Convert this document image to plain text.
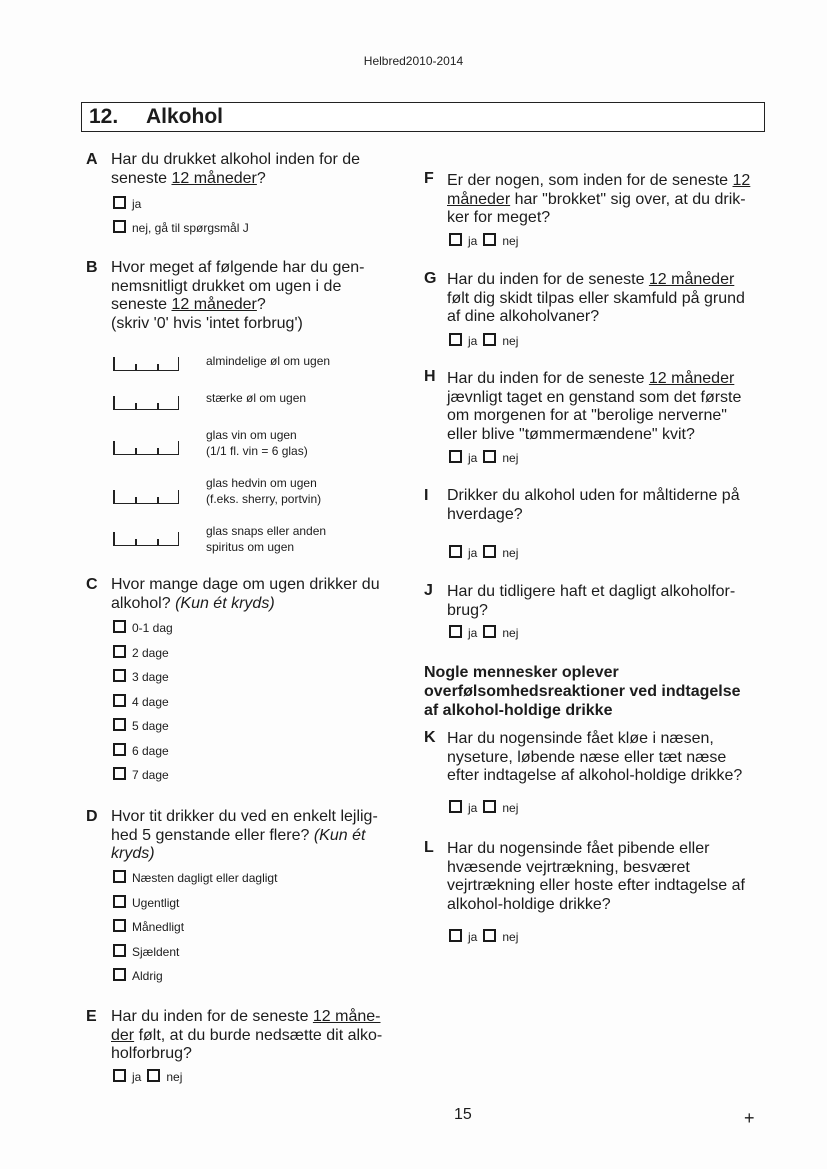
Helbred2010-2014
12. Alkohol
A Har du drukket alkohol inden for de
seneste 12 måneder?
ja
nej, gå til spørgsmål J
B Hvor meget af følgende har du gen-
nemsnitligt drukket om ugen i de
seneste 12 måneder?
(skriv '0' hvis 'intet forbrug')
almindelige øl om ugen
stærke øl om ugen
glas vin om ugen
(1/1 fl. vin = 6 glas)
glas hedvin om ugen
(f.eks. sherry, portvin)
glas snaps eller anden
spiritus om ugen
C Hvor mange dage om ugen drikker du
alkohol? (Kun ét kryds)
0-1 dag
2 dage
3 dage
4 dage
5 dage
6 dage
7 dage
D Hvor tit drikker du ved en enkelt lejlig-
hed 5 genstande eller flere? (Kun ét
kryds)
Næsten dagligt eller dagligt
Ugentligt
Månedligt
Sjældent
Aldrig
E Har du inden for de seneste 12 måne-
der følt, at du burde nedsætte dit alko-
holforbrug?
ja nej
F Er der nogen, som inden for de seneste 12
måneder har "brokket" sig over, at du drik-
ker for meget?
ja nej
G Har du inden for de seneste 12 måneder
følt dig skidt tilpas eller skamfuld på grund
af dine alkoholvaner?
ja nej
H Har du inden for de seneste 12 måneder
jævnligt taget en genstand som det første
om morgenen for at "berolige nerverne"
eller blive "tømmermændene" kvit?
ja nej
I Drikker du alkohol uden for måltiderne på
hverdage?
ja nej
J Har du tidligere haft et dagligt alkoholfor-
brug?
ja nej
Nogle mennesker oplever
overfølsomhedsreaktioner ved indtagelse
af alkohol-holdige drikke
K Har du nogensinde fået kløe i næsen,
nyseture, løbende næse eller tæt næse
efter indtagelse af alkohol-holdige drikke?
ja nej
L Har du nogensinde fået pibende eller
hvæsende vejrtrækning, besværet
vejrtrækning eller hoste efter indtagelse af
alkohol-holdige drikke?
ja nej
15	+
